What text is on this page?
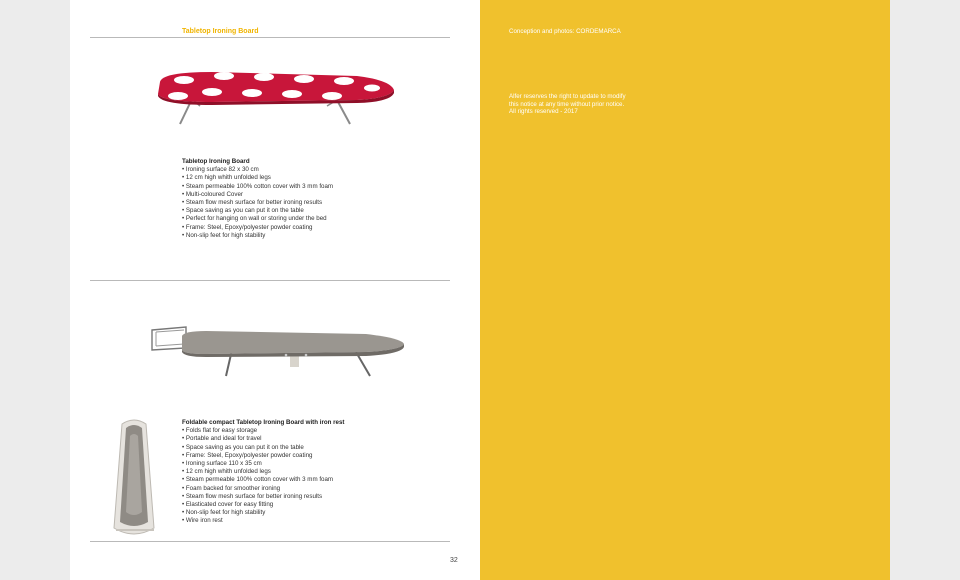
Tabletop Ironing Board
Tabletop Ironing Board
• Ironing surface 82 x 30 cm
• 12 cm high whith unfolded legs
• Steam permeable 100% cotton cover with 3 mm foam
• Multi-coloured Cover
• Steam flow mesh surface for better ironing results
• Space saving as you can put it on the table
• Perfect for hanging on wall or storing under the bed
• Frame: Steel, Epoxy/polyester powder coating
• Non-slip feet for high stability
Foldable compact Tabletop Ironing Board with iron rest
• Folds flat for easy storage
• Portable and ideal for travel
• Space saving as you can put it on the table
• Frame: Steel, Epoxy/polyester powder coating
• Ironing surface 110 x 35 cm
• 12 cm high whith unfolded legs
• Steam permeable 100% cotton cover with 3 mm foam
• Foam backed for smoother ironing
• Steam flow mesh surface for better ironing results
• Elasticated cover for easy fitting
• Non-slip feet for high stability
• Wire iron rest
32
Conception and photos: CORDEMARCA
Alfer reserves the right to update to modify
this notice at any time without prior notice.
All rights reserved - 2017
